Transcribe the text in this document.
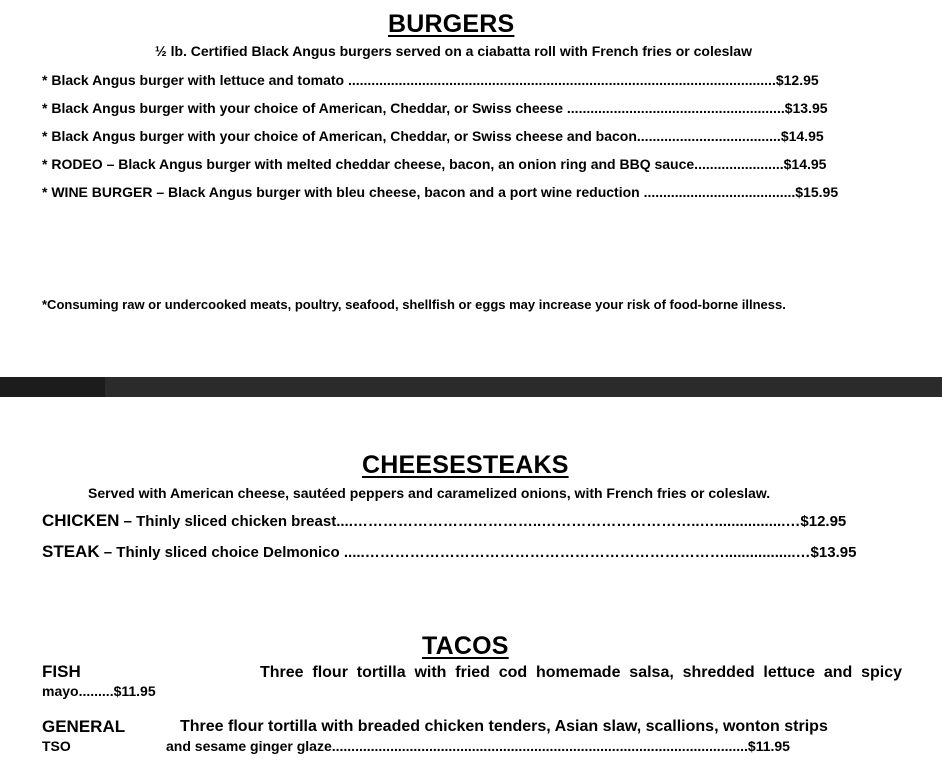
BURGERS
½ lb. Certified Black Angus burgers served on a ciabatta roll with French fries or coleslaw
* Black Angus burger with lettuce and tomato ..............................................................................................................$12.95
* Black Angus burger with your choice of American, Cheddar, or Swiss cheese ........................................................$13.95
* Black Angus burger with your choice of American, Cheddar, or Swiss cheese and bacon.....................................$14.95
* RODEO – Black Angus burger with melted cheddar cheese, bacon, an onion ring and BBQ sauce.......................$14.95
* WINE BURGER – Black Angus burger with bleu cheese, bacon and a port wine reduction .......................................$15.95
*Consuming raw or undercooked meats, poultry, seafood, shellfish or eggs may increase your risk of food-borne illness.
CHEESESTEAKS
Served with American cheese, sautéed peppers and caramelized onions, with French fries or coleslaw.
CHICKEN – Thinly sliced chicken breast....………………………………..…………………………..….................…$12.95
STEAK – Thinly sliced choice Delmonico .....……………………………………………………………….................…$13.95
TACOS
FISH	Three flour tortilla with fried cod homemade salsa, shredded lettuce and spicy
mayo.........$11.95
GENERAL
TSO
Three flour tortilla with breaded chicken tenders, Asian slaw, scallions, wonton strips
and sesame ginger glaze...........................................................................................................$11.95
